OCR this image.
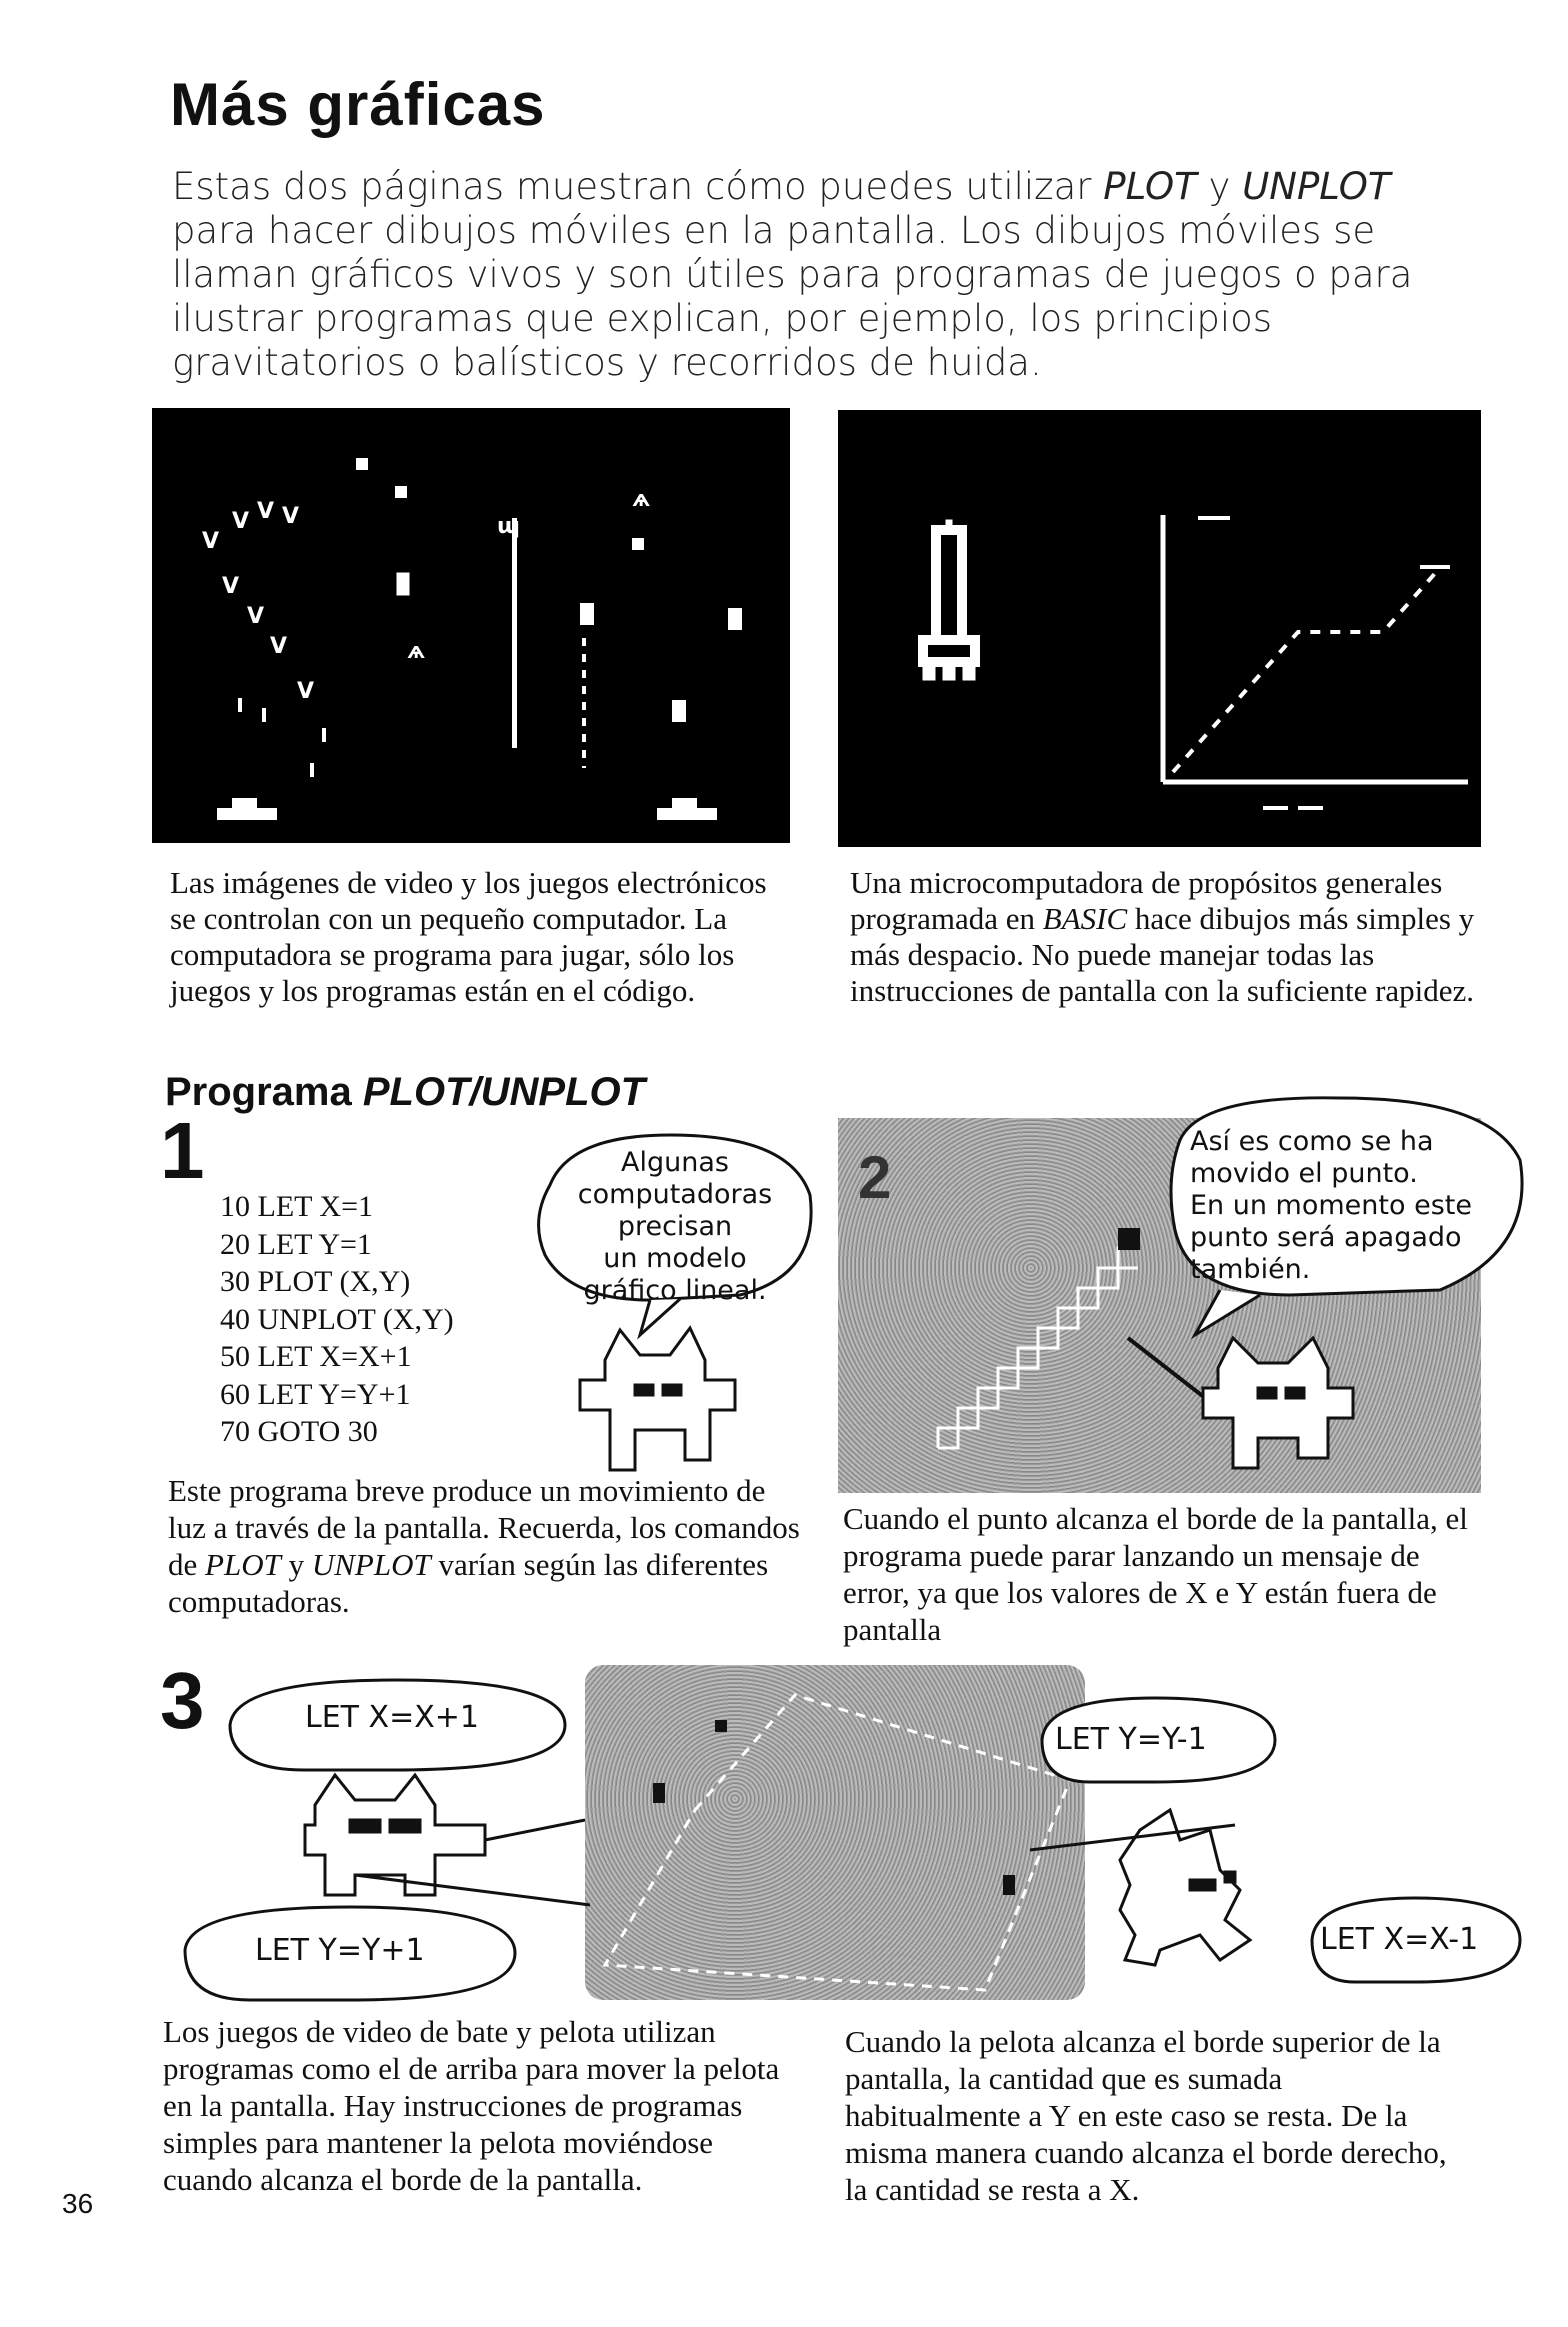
Más gráficas
Estas dos páginas muestran cómo puedes utilizar PLOT y UNPLOT para hacer dibujos móviles en la pantalla. Los dibujos móviles se llaman gráficos vivos y son útiles para programas de juegos o para ilustrar programas que explican, por ejemplo, los principios gravitatorios o balísticos y recorridos de huida.
Ⅴ Ⅴ Ⅴ
Ⅴ
Ⅴ
Ⅴ
Ⅴ
Ⅴ
ɰ
ѧ
ѧ
Las imágenes de video y los juegos electrónicos se controlan con un pequeño computador. La computadora se programa para jugar, sólo los juegos y los programas están en el código.
Una microcomputadora de propósitos generales programada en BASIC hace dibujos más simples y más despacio. No puede manejar todas las instrucciones de pantalla con la suficiente rapidez.
Programa PLOT/UNPLOT
1
10 LET X=1
20 LET Y=1
30 PLOT (X,Y)
40 UNPLOT (X,Y)
50 LET X=X+1
60 LET Y=Y+1
70 GOTO 30
Algunas
computadoras
precisan
un modelo
gráfico lineal.
Este programa breve produce un movimiento de luz a través de la pantalla. Recuerda, los comandos de PLOT y UNPLOT varían según las diferentes computadoras.
2
Así es como se ha
movido el punto.
En un momento este
punto será apagado
también.
Cuando el punto alcanza el borde de la pantalla, el programa puede parar lanzando un mensaje de error, ya que los valores de X e Y están fuera de pantalla
3	LET X=X+1
LET Y=Y+1
LET Y=Y-1
LET X=X-1
Los juegos de video de bate y pelota utilizan programas como el de arriba para mover la pelota en la pantalla. Hay instrucciones de programas simples para mantener la pelota moviéndose cuando alcanza el borde de la pantalla.
Cuando la pelota alcanza el borde superior de la pantalla, la cantidad que es sumada habitualmente a Y en este caso se resta. De la misma manera cuando alcanza el borde derecho, la cantidad se resta a X.
36
